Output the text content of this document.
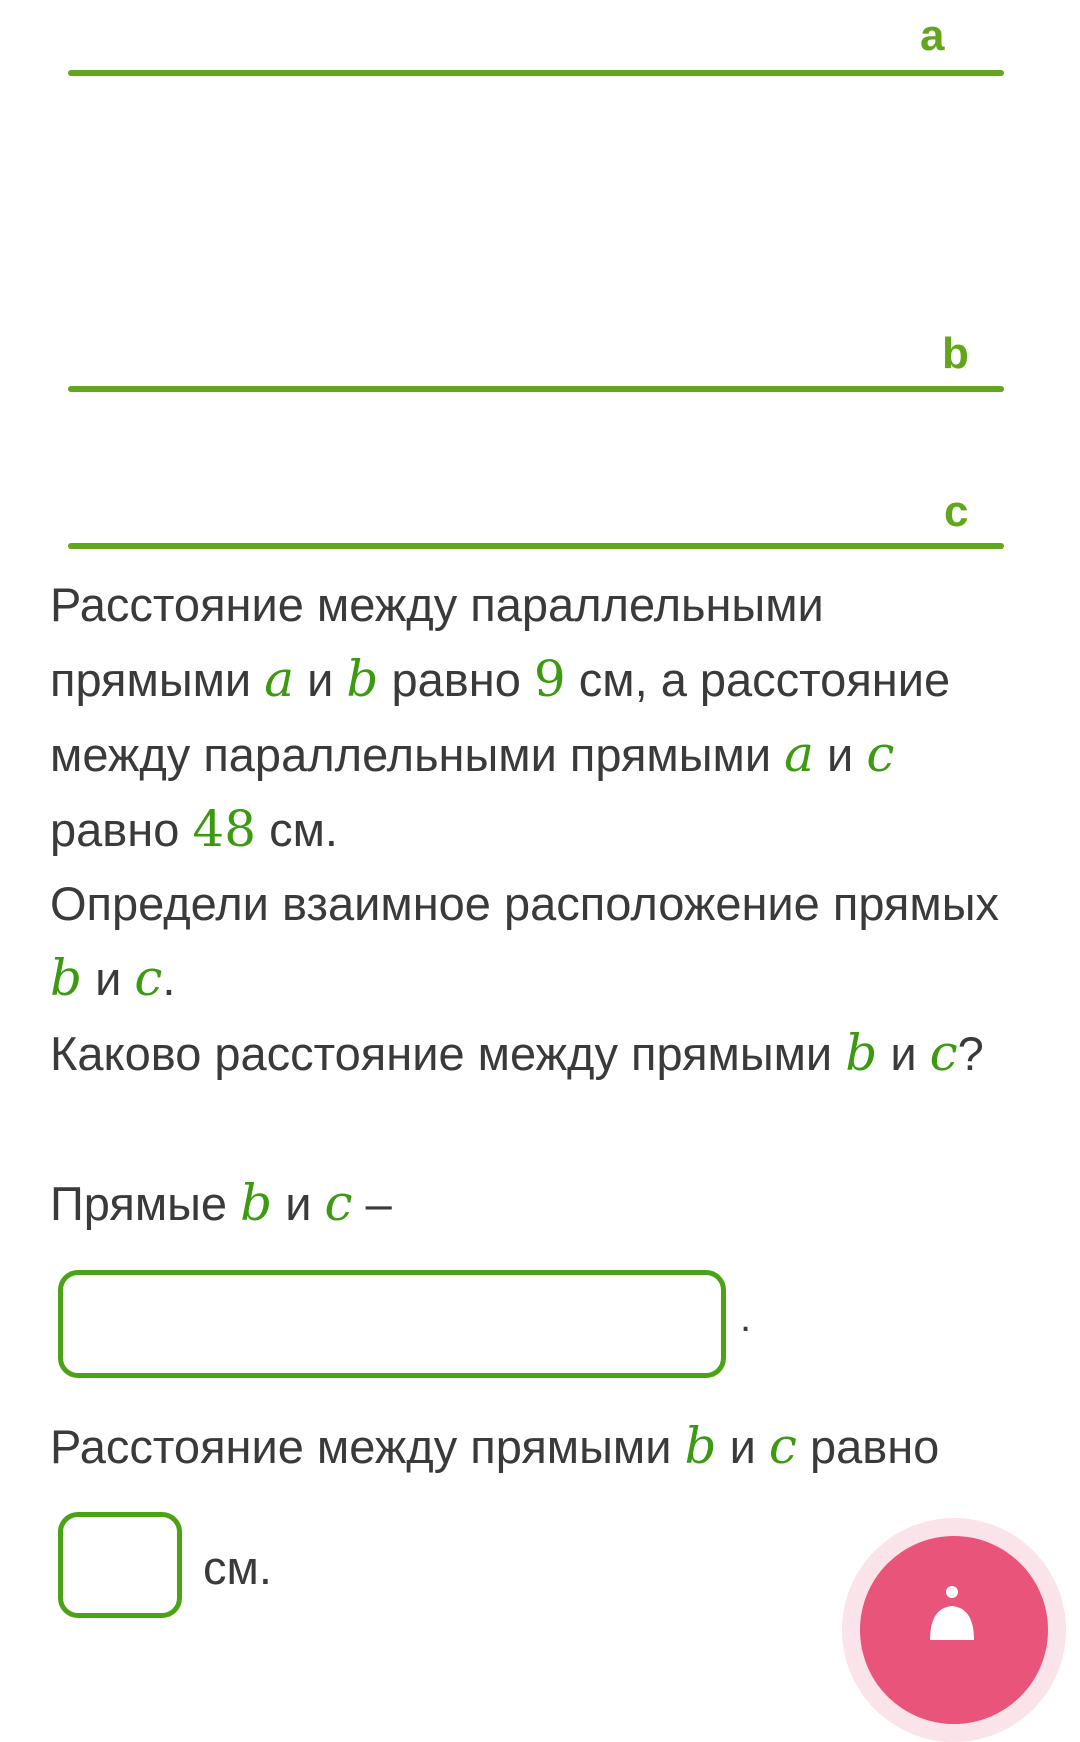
a
b
c

Расстояние между параллельными прямыми a и b равно 9 см, а расстояние между параллельными прямыми a и c равно 48 см.

Определи взаимное расположение прямых b и c.

Каково расстояние между прямыми b и c?

Прямые b и c –
.
Расстояние между прямыми b и c равно
см.
